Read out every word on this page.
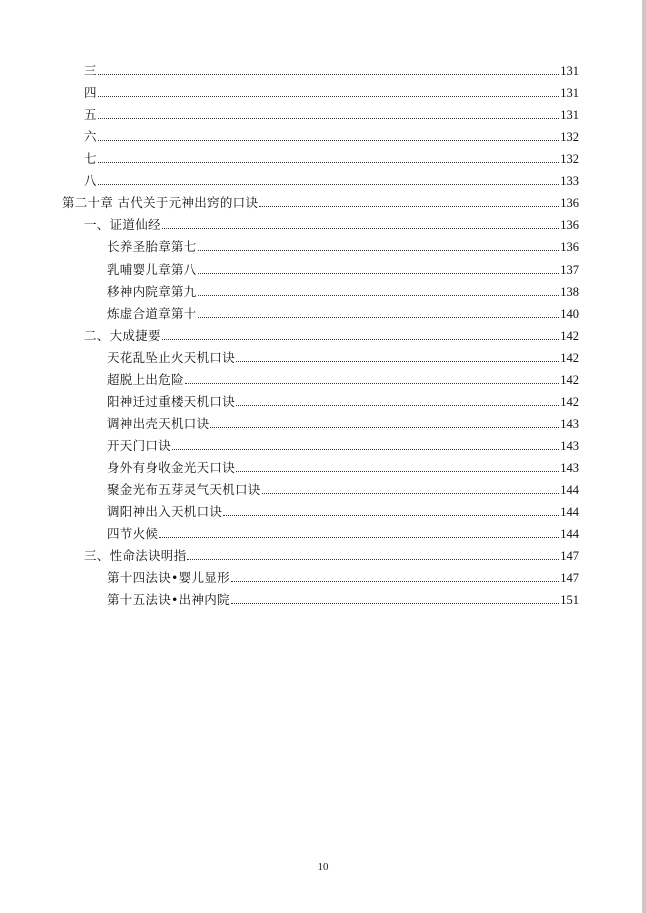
三	131
四	131
五	131
六	132
七	132
八	133
第二十章 古代关于元神出窍的口诀	136
一、证道仙经	136
长养圣胎章第七	136
乳哺婴儿章第八	137
移神内院章第九	138
炼虚合道章第十	140
二、大成捷要	142
天花乱坠止火天机口诀	142
超脱上出危险	142
阳神迁过重楼天机口诀	142
调神出壳天机口诀	143
开天门口诀	143
身外有身收金光天口诀	143
聚金光布五芽灵气天机口诀	144
调阳神出入天机口诀	144
四节火候	144
三、性命法诀明指	147
第十四法诀•婴儿显形	147
第十五法诀•出神内院	151
10
